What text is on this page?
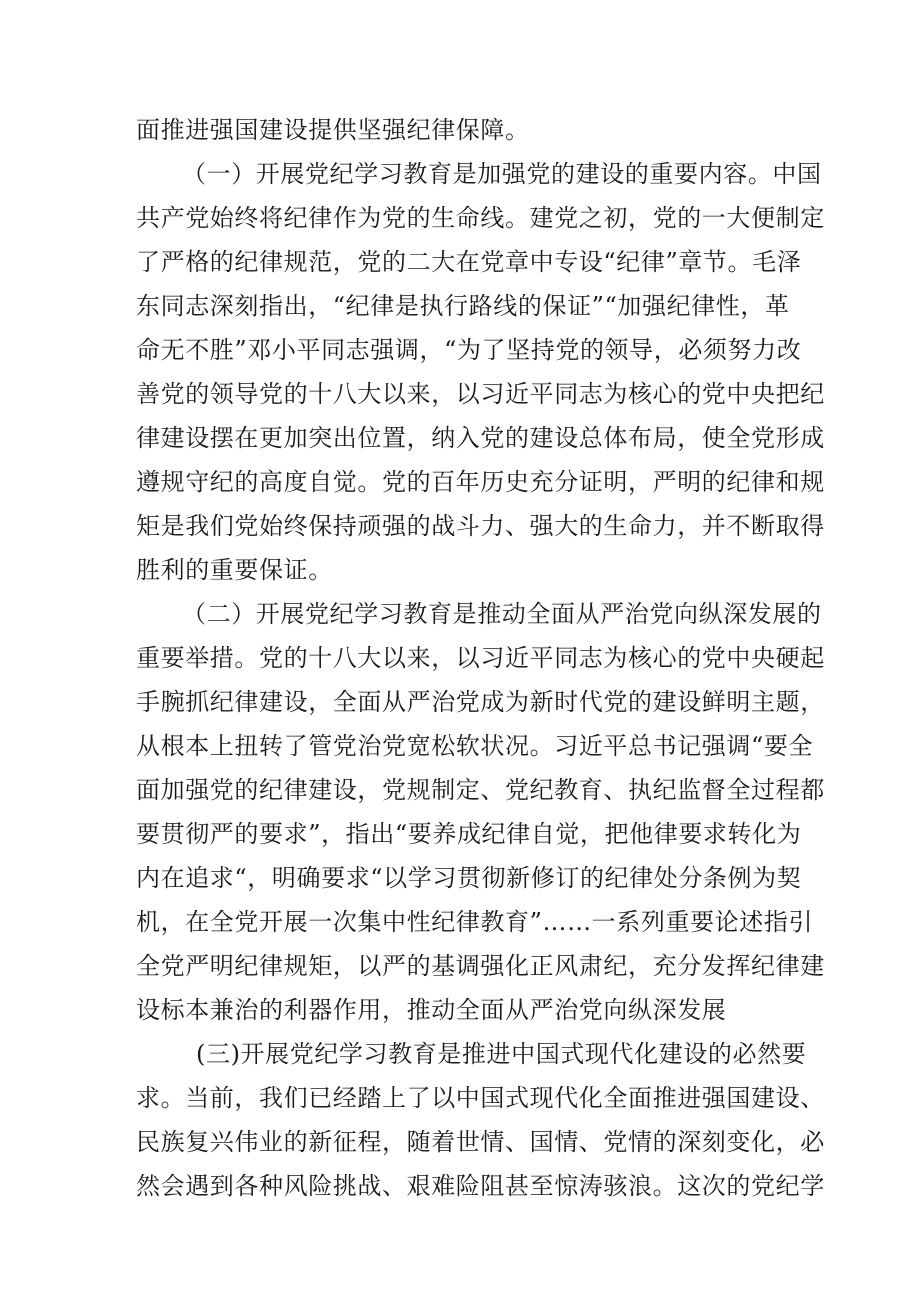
面推进强国建设提供坚强纪律保障。
（一）开展党纪学习教育是加强党的建设的重要内容。中国
共产党始终将纪律作为党的生命线。建党之初，党的一大便制定
了严格的纪律规范，党的二大在党章中专设“纪律”章节。毛泽
东同志深刻指出，“纪律是执行路线的保证”“加强纪律性，革
命无不胜”邓小平同志强调，“为了坚持党的领导，必须努力改
善党的领导党的十八大以来，以习近平同志为核心的党中央把纪
律建设摆在更加突出位置，纳入党的建设总体布局，使全党形成
遵规守纪的高度自觉。党的百年历史充分证明，严明的纪律和规
矩是我们党始终保持顽强的战斗力、强大的生命力，并不断取得
胜利的重要保证。
（二）开展党纪学习教育是推动全面从严治党向纵深发展的
重要举措。党的十八大以来，以习近平同志为核心的党中央硬起
手腕抓纪律建设，全面从严治党成为新时代党的建设鲜明主题，
从根本上扭转了管党治党宽松软状况。习近平总书记强调“要全
面加强党的纪律建设，党规制定、党纪教育、执纪监督全过程都
要贯彻严的要求”，指出“要养成纪律自觉，把他律要求转化为
内在追求“，明确要求“以学习贯彻新修订的纪律处分条例为契
机，在全党开展一次集中性纪律教育”……一系列重要论述指引
全党严明纪律规矩，以严的基调强化正风肃纪，充分发挥纪律建
设标本兼治的利器作用，推动全面从严治党向纵深发展
(三)开展党纪学习教育是推进中国式现代化建设的必然要
求。当前，我们已经踏上了以中国式现代化全面推进强国建设、
民族复兴伟业的新征程，随着世情、国情、党情的深刻变化，必
然会遇到各种风险挑战、艰难险阻甚至惊涛骇浪。这次的党纪学
